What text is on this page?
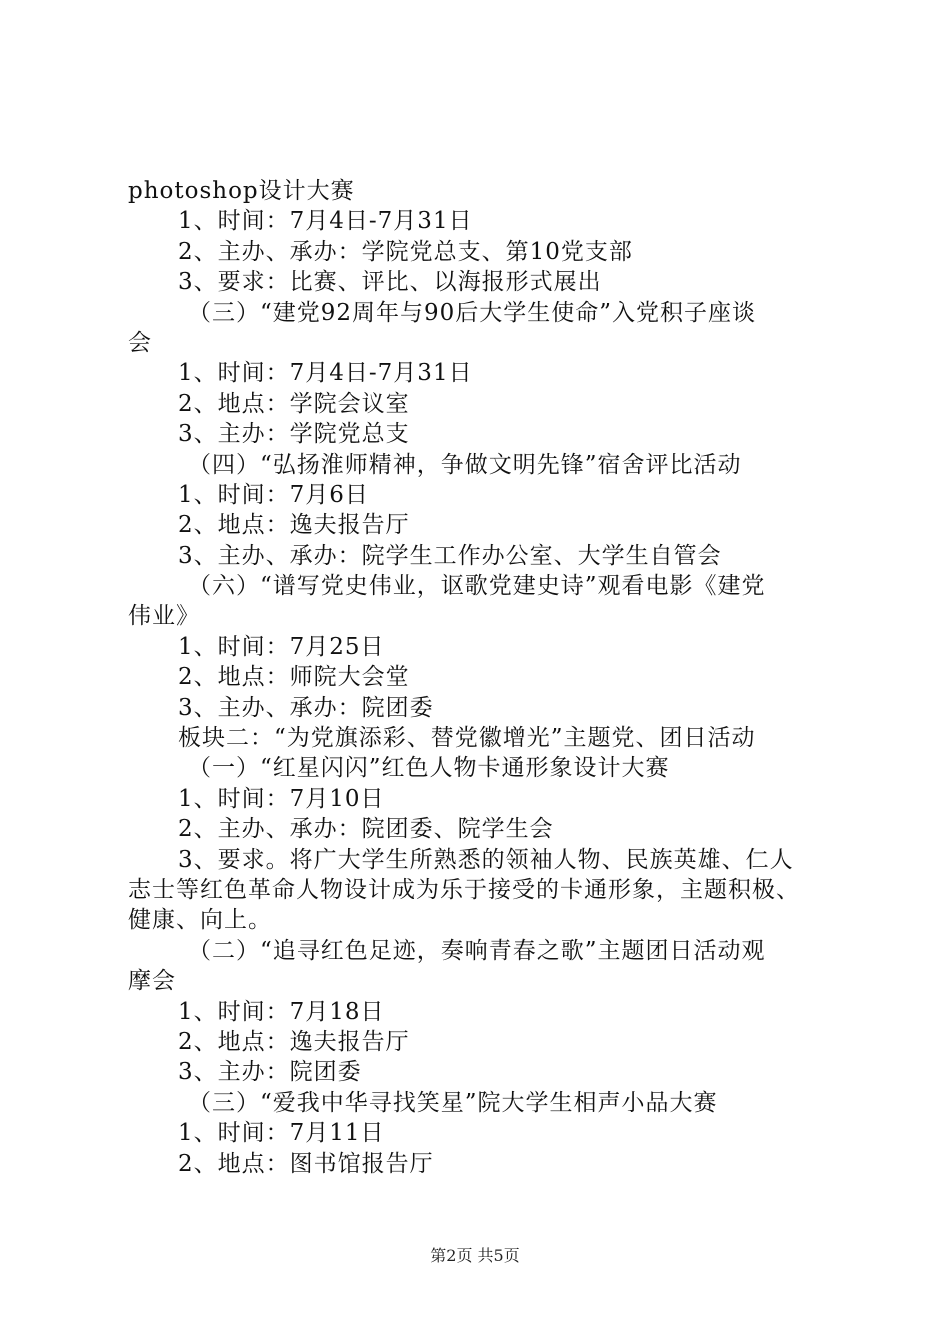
photoshop设计大赛
1、时间：7月4日-7月31日
2、主办、承办：学院党总支、第10党支部
3、要求：比赛、评比、以海报形式展出
（三）“建党92周年与90后大学生使命”入党积子座谈
会
1、时间：7月4日-7月31日
2、地点：学院会议室
3、主办：学院党总支
（四）“弘扬淮师精神，争做文明先锋”宿舍评比活动
1、时间：7月6日
2、地点：逸夫报告厅
3、主办、承办：院学生工作办公室、大学生自管会
（六）“谱写党史伟业，讴歌党建史诗”观看电影《建党
伟业》
1、时间：7月25日
2、地点：师院大会堂
3、主办、承办：院团委
板块二：“为党旗添彩、替党徽增光”主题党、团日活动
（一）“红星闪闪”红色人物卡通形象设计大赛
1、时间：7月10日
2、主办、承办：院团委、院学生会
3、要求。将广大学生所熟悉的领袖人物、民族英雄、仁人
志士等红色革命人物设计成为乐于接受的卡通形象，主题积极、
健康、向上。
（二）“追寻红色足迹，奏响青春之歌”主题团日活动观
摩会
1、时间：7月18日
2、地点：逸夫报告厅
3、主办：院团委
（三）“爱我中华寻找笑星”院大学生相声小品大赛
1、时间：7月11日
2、地点：图书馆报告厅
第2页 共5页
